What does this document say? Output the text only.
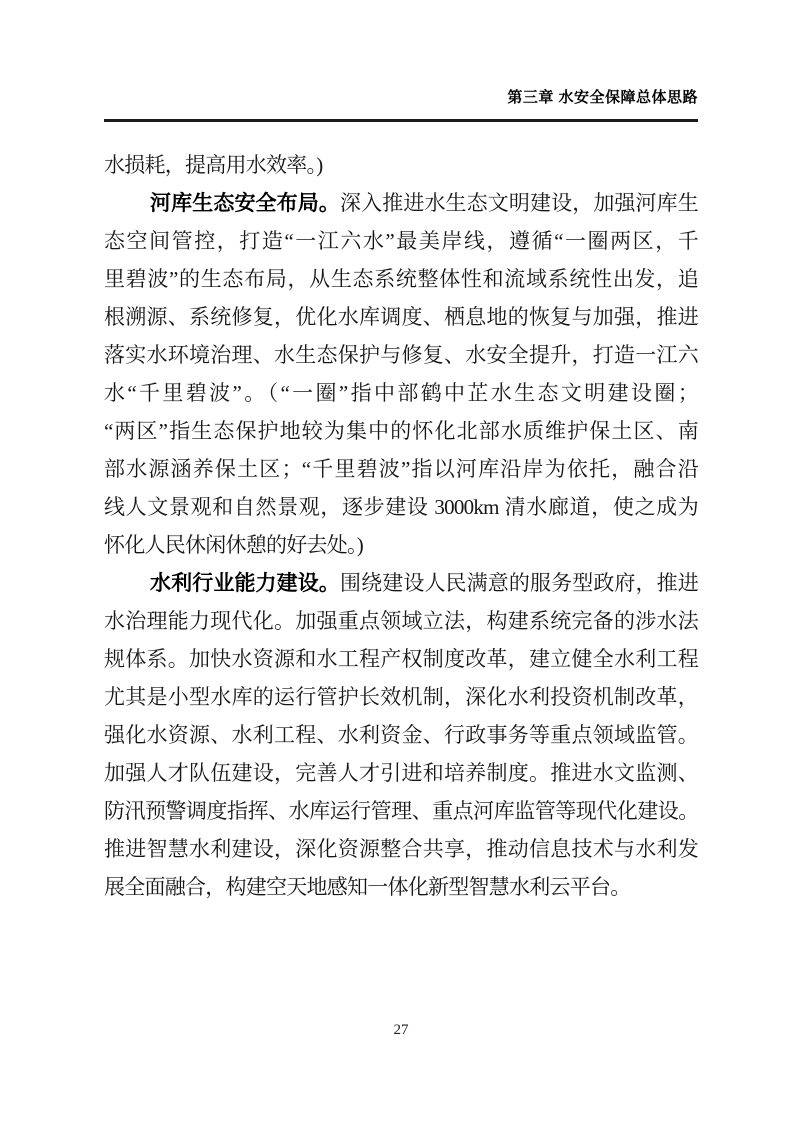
第三章 水安全保障总体思路
水损耗，提高用水效率。)
河库生态安全布局。深入推进水生态文明建设，加强河库生
态空间管控，打造“一江六水”最美岸线，遵循“一圈两区，千
里碧波”的生态布局，从生态系统整体性和流域系统性出发，追
根溯源、系统修复，优化水库调度、栖息地的恢复与加强，推进
落实水环境治理、水生态保护与修复、水安全提升，打造一江六
水“千里碧波”。（“一圈”指中部鹤中芷水生态文明建设圈；
“两区”指生态保护地较为集中的怀化北部水质维护保土区、南
部水源涵养保土区；“千里碧波”指以河库沿岸为依托，融合沿
线人文景观和自然景观，逐步建设 3000km 清水廊道，使之成为
怀化人民休闲休憩的好去处。)
水利行业能力建设。围绕建设人民满意的服务型政府，推进
水治理能力现代化。加强重点领域立法，构建系统完备的涉水法
规体系。加快水资源和水工程产权制度改革，建立健全水利工程
尤其是小型水库的运行管护长效机制，深化水利投资机制改革，
强化水资源、水利工程、水利资金、行政事务等重点领域监管。
加强人才队伍建设，完善人才引进和培养制度。推进水文监测、
防汛预警调度指挥、水库运行管理、重点河库监管等现代化建设。
推进智慧水利建设，深化资源整合共享，推动信息技术与水利发
展全面融合，构建空天地感知一体化新型智慧水利云平台。
27
